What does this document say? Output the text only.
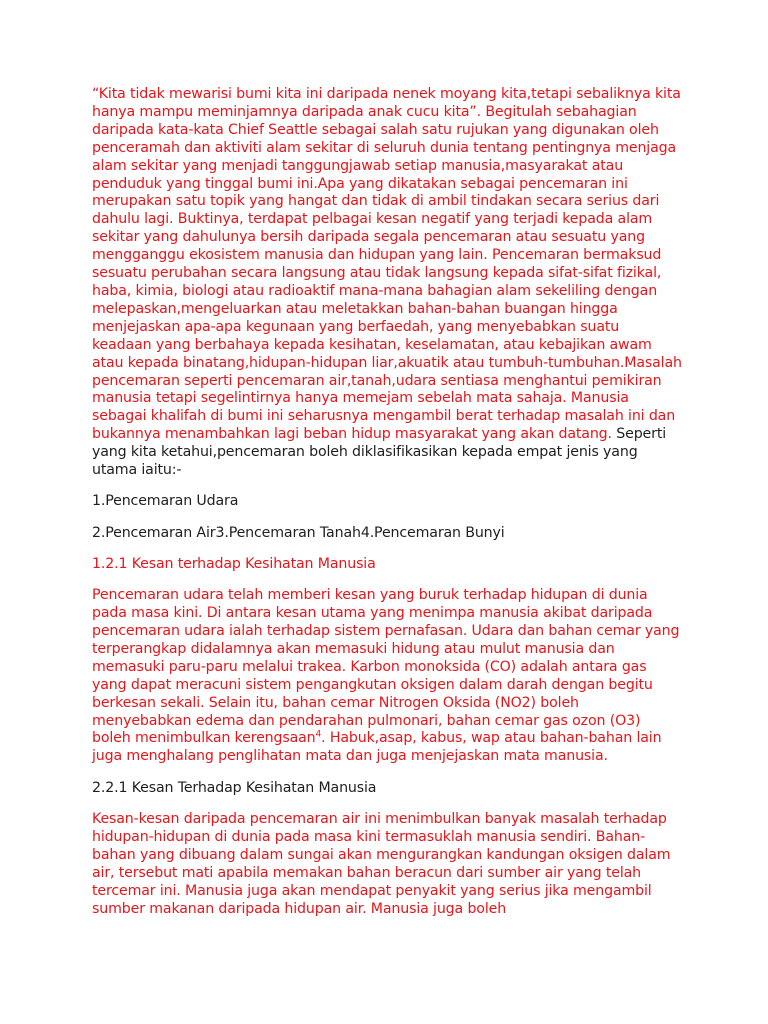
“Kita tidak mewarisi bumi kita ini daripada nenek moyang kita,tetapi sebaliknya kita hanya mampu meminjamnya daripada anak cucu kita”. Begitulah sebahagian daripada kata-kata Chief Seattle sebagai salah satu rujukan yang digunakan oleh penceramah dan aktiviti alam sekitar di seluruh dunia tentang pentingnya menjaga alam sekitar yang menjadi tanggungjawab setiap manusia,masyarakat atau penduduk yang tinggal bumi ini.Apa yang dikatakan sebagai pencemaran ini merupakan satu topik yang hangat dan tidak di ambil tindakan secara serius dari dahulu lagi. Buktinya, terdapat pelbagai kesan negatif yang terjadi kepada alam sekitar yang dahulunya bersih daripada segala pencemaran atau sesuatu yang mengganggu ekosistem manusia dan hidupan yang lain. Pencemaran bermaksud sesuatu perubahan secara langsung atau tidak langsung kepada sifat-sifat fizikal, haba, kimia, biologi atau radioaktif mana-mana bahagian alam sekeliling dengan melepaskan,mengeluarkan atau meletakkan bahan-bahan buangan hingga menjejaskan apa-apa kegunaan yang berfaedah, yang menyebabkan suatu keadaan yang berbahaya kepada kesihatan, keselamatan, atau kebajikan awam atau kepada binatang,hidupan-hidupan liar,akuatik atau tumbuh-tumbuhan.Masalah pencemaran seperti pencemaran air,tanah,udara sentiasa menghantui pemikiran manusia tetapi segelintirnya hanya memejam sebelah mata sahaja. Manusia sebagai khalifah di bumi ini seharusnya mengambil berat terhadap masalah ini dan bukannya menambahkan lagi beban hidup masyarakat yang akan datang. Seperti yang kita ketahui,pencemaran boleh diklasifikasikan kepada empat jenis yang utama iaitu:-

1.Pencemaran Udara

2.Pencemaran Air3.Pencemaran Tanah4.Pencemaran Bunyi

1.2.1 Kesan terhadap Kesihatan Manusia

Pencemaran udara telah memberi kesan yang buruk terhadap hidupan di dunia pada masa kini. Di antara kesan utama yang menimpa manusia akibat daripada pencemaran udara ialah terhadap sistem pernafasan. Udara dan bahan cemar yang terperangkap didalamnya akan memasuki hidung atau mulut manusia dan memasuki paru-paru melalui trakea. Karbon monoksida (CO) adalah antara gas yang dapat meracuni sistem pengangkutan oksigen dalam darah dengan begitu berkesan sekali. Selain itu, bahan cemar Nitrogen Oksida (NO2) boleh menyebabkan edema dan pendarahan pulmonari, bahan cemar gas ozon (O3) boleh menimbulkan kerengsaan$^4$. Habuk,asap, kabus, wap atau bahan-bahan lain juga menghalang penglihatan mata dan juga menjejaskan mata manusia.

2.2.1 Kesan Terhadap Kesihatan Manusia

Kesan-kesan daripada pencemaran air ini menimbulkan banyak masalah terhadap hidupan-hidupan di dunia pada masa kini termasuklah manusia sendiri. Bahan-bahan yang dibuang dalam sungai akan mengurangkan kandungan oksigen dalam air, tersebut mati apabila memakan bahan beracun dari sumber air yang telah tercemar ini. Manusia juga akan mendapat penyakit yang serius jika mengambil sumber makanan daripada hidupan air. Manusia juga boleh
